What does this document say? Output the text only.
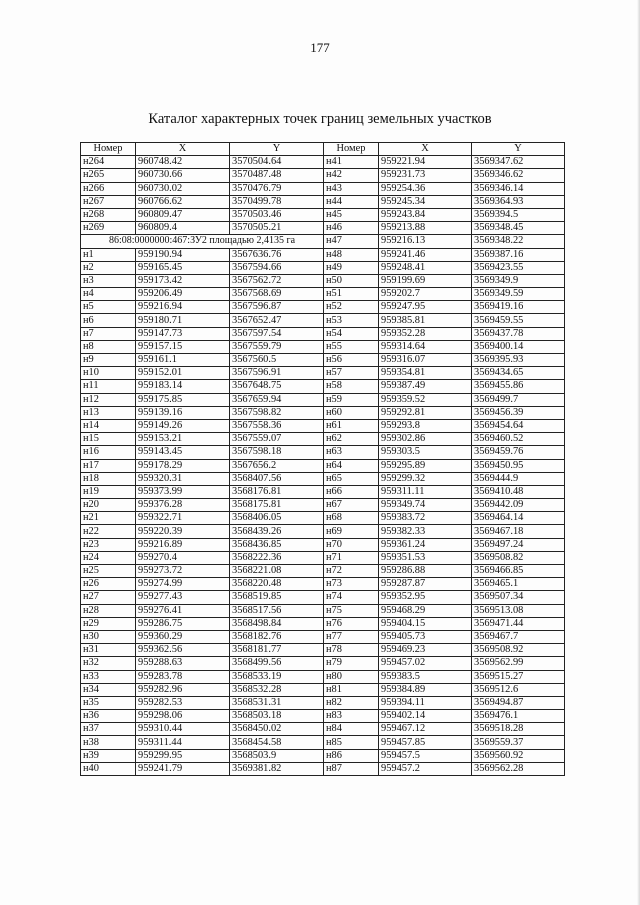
177
Каталог характерных точек границ земельных участков
Номер	X	Y	Номер	X	Y
н264	960748.42	3570504.64	н41	959221.94	3569347.62
н265	960730.66	3570487.48	н42	959231.73	3569346.62
н266	960730.02	3570476.79	н43	959254.36	3569346.14
н267	960766.62	3570499.78	н44	959245.34	3569364.93
н268	960809.47	3570503.46	н45	959243.84	3569394.5
н269	960809.4	3570505.21	н46	959213.88	3569348.45
86:08:0000000:467:ЗУ2 площадью 2,4135 га			н47	959216.13	3569348.22
н1	959190.94	3567636.76	н48	959241.46	3569387.16
н2	959165.45	3567594.66	н49	959248.41	3569423.55
н3	959173.42	3567562.72	н50	959199.69	3569349.9
н4	959206.49	3567568.69	н51	959202.7	3569349.59
н5	959216.94	3567596.87	н52	959247.95	3569419.16
н6	959180.71	3567652.47	н53	959385.81	3569459.55
н7	959147.73	3567597.54	н54	959352.28	3569437.78
н8	959157.15	3567559.79	н55	959314.64	3569400.14
н9	959161.1	3567560.5	н56	959316.07	3569395.93
н10	959152.01	3567596.91	н57	959354.81	3569434.65
н11	959183.14	3567648.75	н58	959387.49	3569455.86
н12	959175.85	3567659.94	н59	959359.52	3569499.7
н13	959139.16	3567598.82	н60	959292.81	3569456.39
н14	959149.26	3567558.36	н61	959293.8	3569454.64
н15	959153.21	3567559.07	н62	959302.86	3569460.52
н16	959143.45	3567598.18	н63	959303.5	3569459.76
н17	959178.29	3567656.2	н64	959295.89	3569450.95
н18	959320.31	3568407.56	н65	959299.32	3569444.9
н19	959373.99	3568176.81	н66	959311.11	3569410.48
н20	959376.28	3568175.81	н67	959349.74	3569442.09
н21	959322.71	3568406.05	н68	959383.72	3569464.14
н22	959220.39	3568439.26	н69	959382.33	3569467.18
н23	959216.89	3568436.85	н70	959361.24	3569497.24
н24	959270.4	3568222.36	н71	959351.53	3569508.82
н25	959273.72	3568221.08	н72	959286.88	3569466.85
н26	959274.99	3568220.48	н73	959287.87	3569465.1
н27	959277.43	3568519.85	н74	959352.95	3569507.34
н28	959276.41	3568517.56	н75	959468.29	3569513.08
н29	959286.75	3568498.84	н76	959404.15	3569471.44
н30	959360.29	3568182.76	н77	959405.73	3569467.7
н31	959362.56	3568181.77	н78	959469.23	3569508.92
н32	959288.63	3568499.56	н79	959457.02	3569562.99
н33	959283.78	3568533.19	н80	959383.5	3569515.27
н34	959282.96	3568532.28	н81	959384.89	3569512.6
н35	959282.53	3568531.31	н82	959394.11	3569494.87
н36	959298.06	3568503.18	н83	959402.14	3569476.1
н37	959310.44	3568450.02	н84	959467.12	3569518.28
н38	959311.44	3568454.58	н85	959457.85	3569559.37
н39	959299.95	3568503.9	н86	959457.5	3569560.92
н40	959241.79	3569381.82	н87	959457.2	3569562.28
